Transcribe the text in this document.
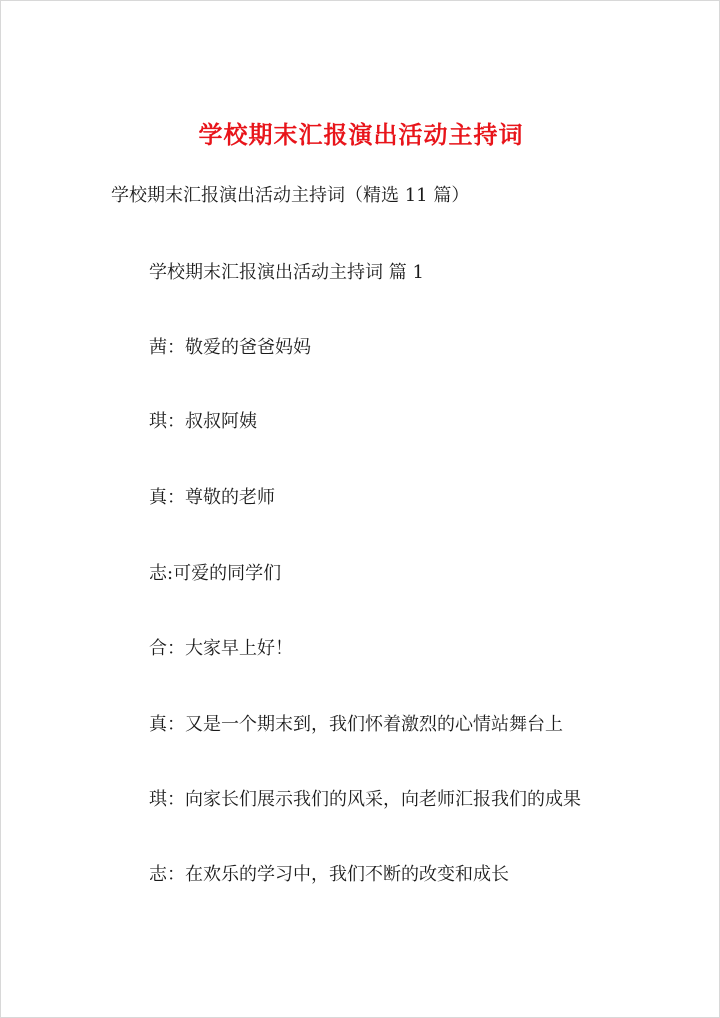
学校期末汇报演出活动主持词
学校期末汇报演出活动主持词（精选 11 篇）
学校期末汇报演出活动主持词 篇 1
茜：敬爱的爸爸妈妈
琪：叔叔阿姨
真：尊敬的老师
志:可爱的同学们
合：大家早上好！
真：又是一个期末到，我们怀着激烈的心情站舞台上
琪：向家长们展示我们的风采，向老师汇报我们的成果
志：在欢乐的学习中，我们不断的改变和成长
